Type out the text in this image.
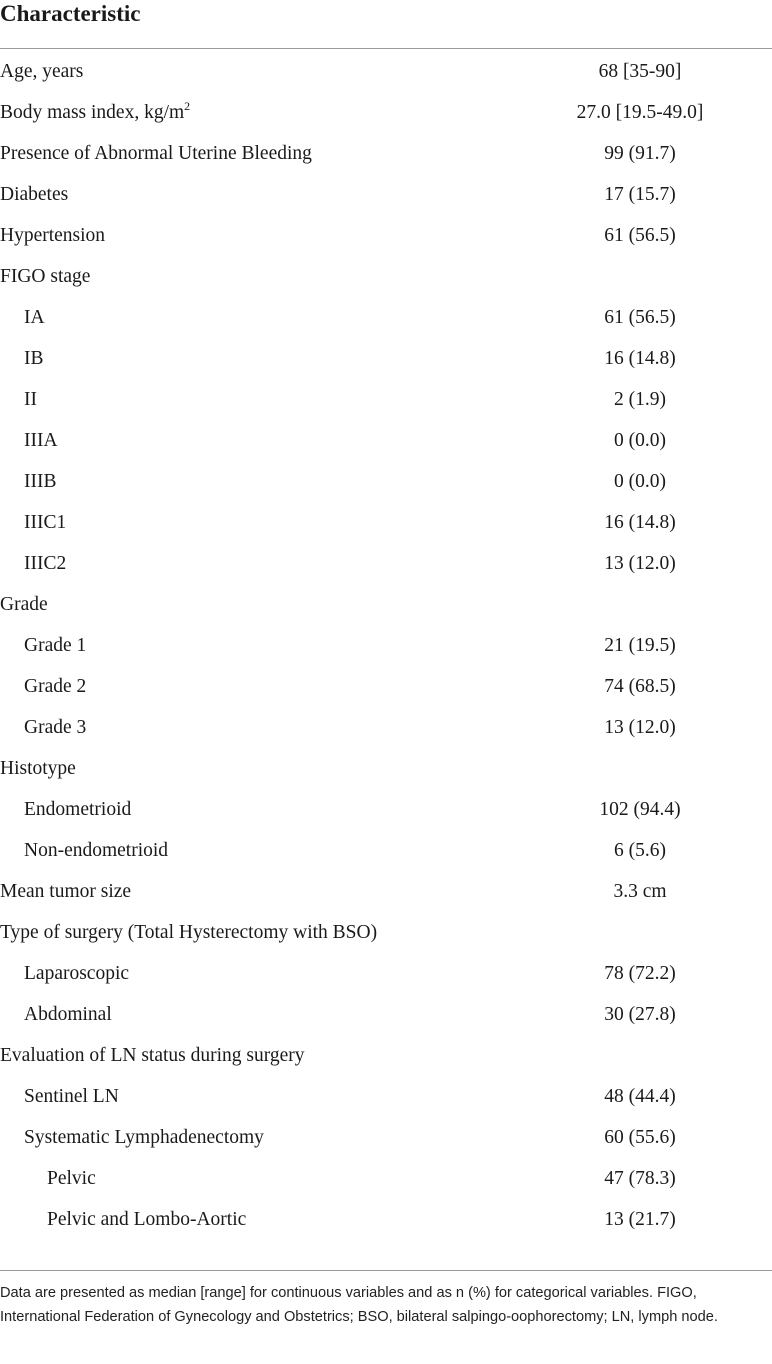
Characteristic
Age, years	68 [35-90]
Body mass index, $kg/m^2$	27.0 [19.5-49.0]
Presence of Abnormal Uterine Bleeding	99 (91.7)
Diabetes	17 (15.7)
Hypertension	61 (56.5)
FIGO stage
IA	61 (56.5)
IB	16 (14.8)
II	2 (1.9)
IIIA	0 (0.0)
IIIB	0 (0.0)
IIIC1	16 (14.8)
IIIC2	13 (12.0)
Grade
Grade 1	21 (19.5)
Grade 2	74 (68.5)
Grade 3	13 (12.0)
Histotype
Endometrioid	102 (94.4)
Non-endometrioid	6 (5.6)
Mean tumor size	3.3 cm
Type of surgery (Total Hysterectomy with BSO)
Laparoscopic	78 (72.2)
Abdominal	30 (27.8)
Evaluation of LN status during surgery
Sentinel LN	48 (44.4)
Systematic Lymphadenectomy	60 (55.6)
Pelvic	47 (78.3)
Pelvic and Lombo-Aortic	13 (21.7)
Data are presented as median [range] for continuous variables and as n (%) for categorical variables. FIGO, International Federation of Gynecology and Obstetrics; BSO, bilateral salpingo-oophorectomy; LN, lymph node.
